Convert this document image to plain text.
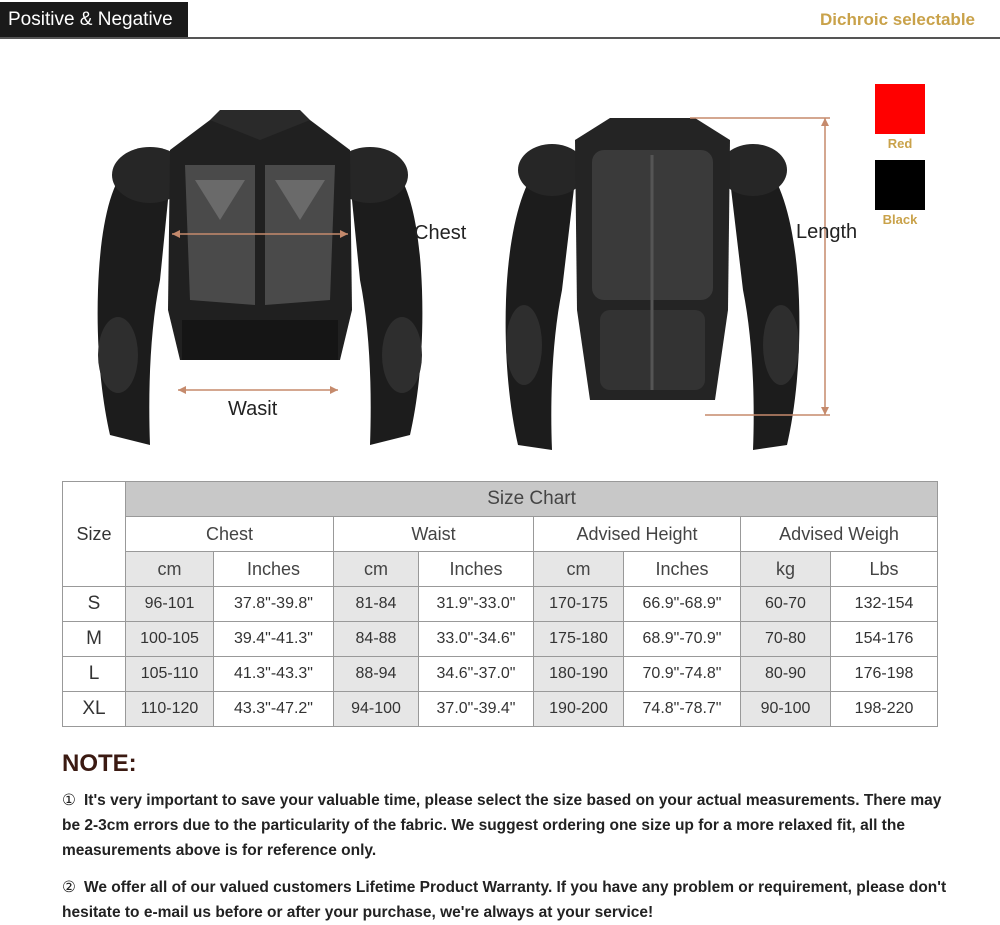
Positive & Negative	Dichroic selectable
Red
Black
Chest
Wasit
Length
Size	Size Chart							
	Chest		Waist		Advised Height		Advised Weigh	
	cm	Inches	cm	Inches	cm	Inches	kg	Lbs
S	96-101	37.8"-39.8"	81-84	31.9"-33.0"	170-175	66.9"-68.9"	60-70	132-154
M	100-105	39.4"-41.3"	84-88	33.0"-34.6"	175-180	68.9"-70.9"	70-80	154-176
L	105-110	41.3"-43.3"	88-94	34.6"-37.0"	180-190	70.9"-74.8"	80-90	176-198
XL	110-120	43.3"-47.2"	94-100	37.0"-39.4"	190-200	74.8"-78.7"	90-100	198-220
NOTE:
① It's very important to save your valuable time, please select the size based on your actual measurements. There may be 2-3cm errors due to the particularity of the fabric. We suggest ordering one size up for a more relaxed fit, all the measurements above is for reference only.
② We offer all of our valued customers Lifetime Product Warranty. If you have any problem or requirement, please don't hesitate to e-mail us before or after your purchase, we're always at your service!
